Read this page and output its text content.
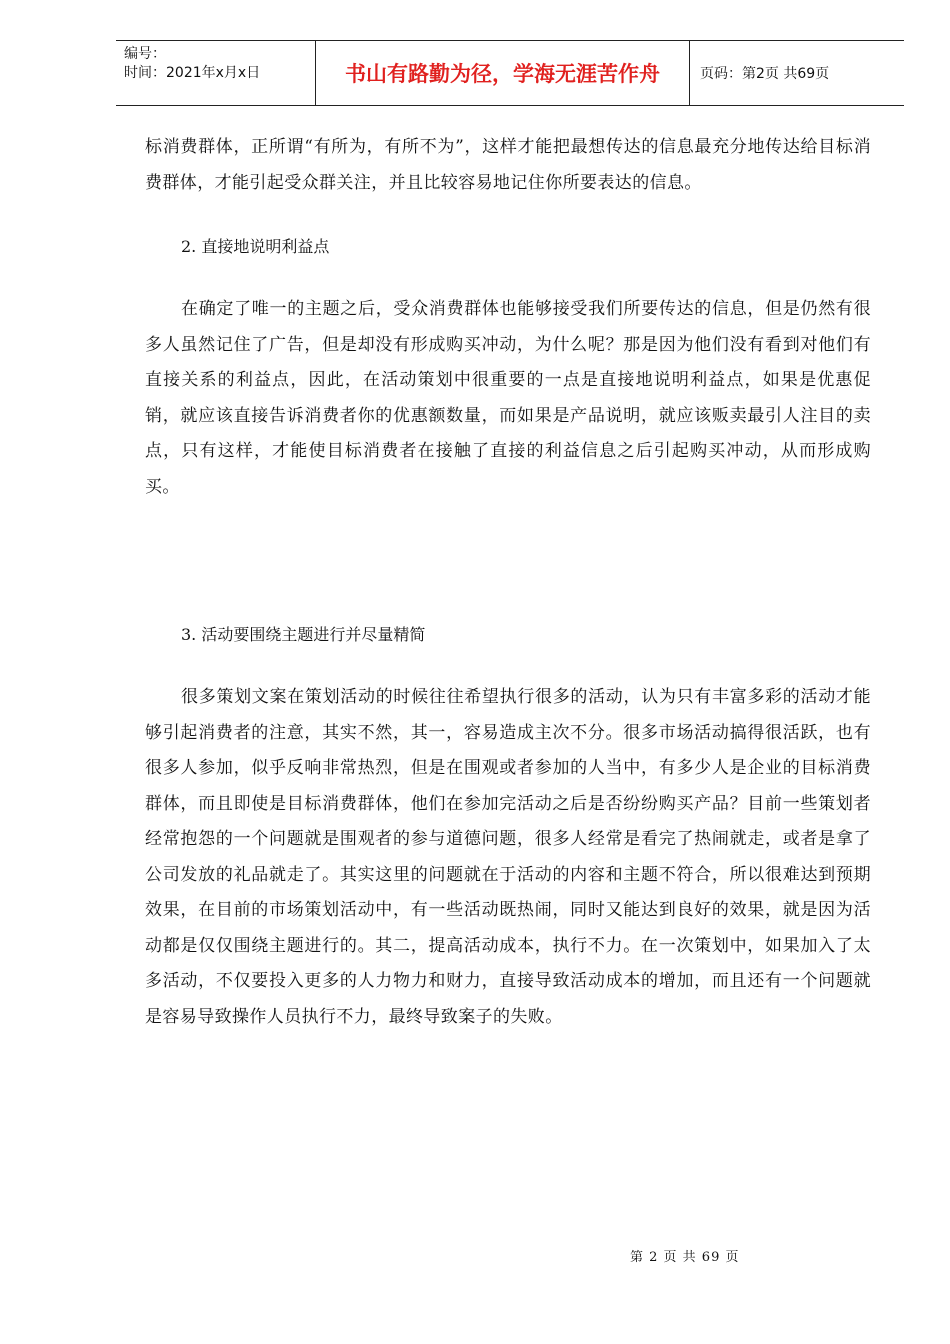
编号：
时间：2021年x月x日	书山有路勤为径，学海无涯苦作舟	页码：第2页 共69页

标消费群体，正所谓“有所为，有所不为”，这样才能把最想传达的信息最充分地传达给目标消费群体，才能引起受众群关注，并且比较容易地记住你所要表达的信息。

2. 直接地说明利益点

在确定了唯一的主题之后，受众消费群体也能够接受我们所要传达的信息，但是仍然有很多人虽然记住了广告，但是却没有形成购买冲动，为什么呢？那是因为他们没有看到对他们有直接关系的利益点，因此，在活动策划中很重要的一点是直接地说明利益点，如果是优惠促销，就应该直接告诉消费者你的优惠额数量，而如果是产品说明，就应该贩卖最引人注目的卖点，只有这样，才能使目标消费者在接触了直接的利益信息之后引起购买冲动，从而形成购买。

3. 活动要围绕主题进行并尽量精简

很多策划文案在策划活动的时候往往希望执行很多的活动，认为只有丰富多彩的活动才能够引起消费者的注意，其实不然，其一，容易造成主次不分。很多市场活动搞得很活跃，也有很多人参加，似乎反响非常热烈，但是在围观或者参加的人当中，有多少人是企业的目标消费群体，而且即使是目标消费群体，他们在参加完活动之后是否纷纷购买产品？目前一些策划者经常抱怨的一个问题就是围观者的参与道德问题，很多人经常是看完了热闹就走，或者是拿了公司发放的礼品就走了。其实这里的问题就在于活动的内容和主题不符合，所以很难达到预期效果，在目前的市场策划活动中，有一些活动既热闹，同时又能达到良好的效果，就是因为活动都是仅仅围绕主题进行的。其二，提高活动成本，执行不力。在一次策划中，如果加入了太多活动，不仅要投入更多的人力物力和财力，直接导致活动成本的增加，而且还有一个问题就是容易导致操作人员执行不力，最终导致案子的失败。

第 2 页 共 69 页
